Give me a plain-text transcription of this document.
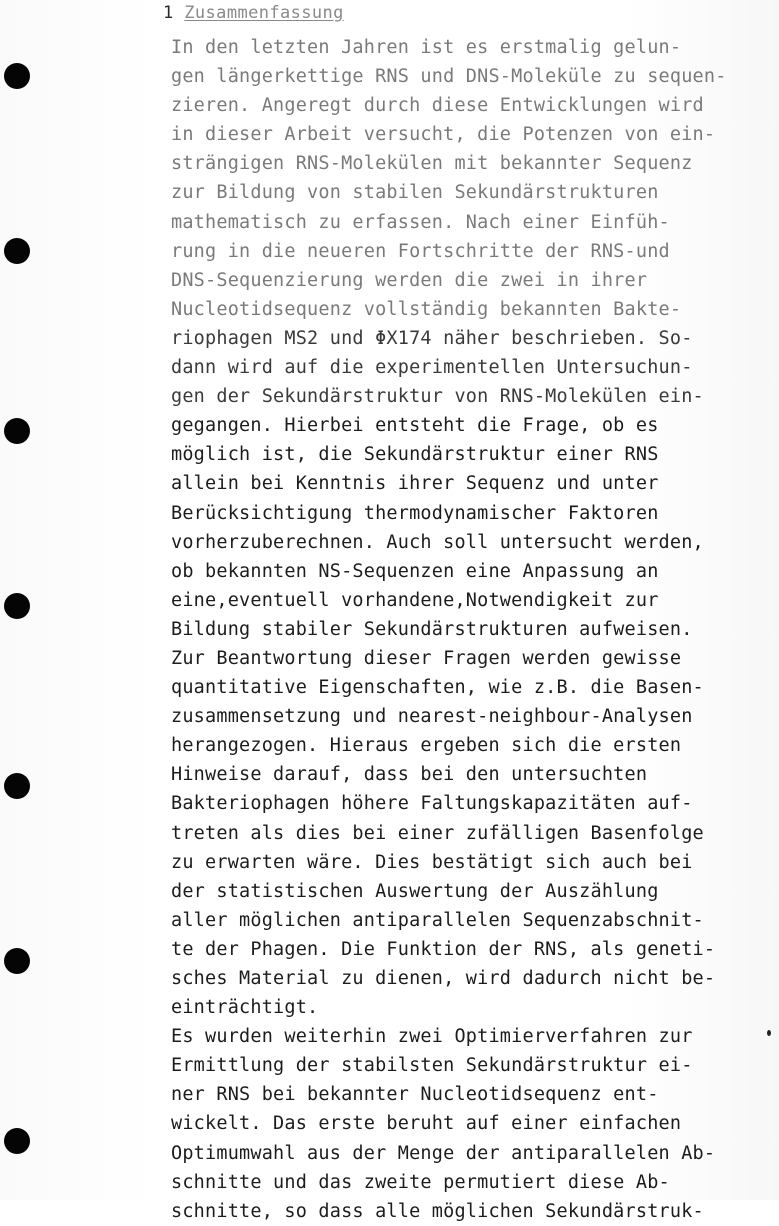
1 Zusammenfassung
In den letzten Jahren ist es erstmalig gelun-
gen längerkettige RNS und DNS-Moleküle zu sequen-
zieren. Angeregt durch diese Entwicklungen wird
in dieser Arbeit versucht, die Potenzen von ein-
strängigen RNS-Molekülen mit bekannter Sequenz
zur Bildung von stabilen Sekundärstrukturen
mathematisch zu erfassen. Nach einer Einfüh-
rung in die neueren Fortschritte der RNS-und
DNS-Sequenzierung werden die zwei in ihrer
Nucleotidsequenz vollständig bekannten Bakte-
riophagen MS2 und ΦX174 näher beschrieben. So-
dann wird auf die experimentellen Untersuchun-
gen der Sekundärstruktur von RNS-Molekülen ein-
gegangen. Hierbei entsteht die Frage, ob es
möglich ist, die Sekundärstruktur einer RNS
allein bei Kenntnis ihrer Sequenz und unter
Berücksichtigung thermodynamischer Faktoren
vorherzuberechnen. Auch soll untersucht werden,
ob bekannten NS-Sequenzen eine Anpassung an
eine,eventuell vorhandene,Notwendigkeit zur
Bildung stabiler Sekundärstrukturen aufweisen.
Zur Beantwortung dieser Fragen werden gewisse
quantitative Eigenschaften, wie z.B. die Basen-
zusammensetzung und nearest-neighbour-Analysen
herangezogen. Hieraus ergeben sich die ersten
Hinweise darauf, dass bei den untersuchten
Bakteriophagen höhere Faltungskapazitäten auf-
treten als dies bei einer zufälligen Basenfolge
zu erwarten wäre. Dies bestätigt sich auch bei
der statistischen Auswertung der Auszählung
aller möglichen antiparallelen Sequenzabschnit-
te der Phagen. Die Funktion der RNS, als geneti-
sches Material zu dienen, wird dadurch nicht be-
einträchtigt.
Es wurden weiterhin zwei Optimierverfahren zur
Ermittlung der stabilsten Sekundärstruktur ei-
ner RNS bei bekannter Nucleotidsequenz ent-
wickelt. Das erste beruht auf einer einfachen
Optimumwahl aus der Menge der antiparallelen Ab-
schnitte und das zweite permutiert diese Ab-
schnitte, so dass alle möglichen Sekundärstruk-
